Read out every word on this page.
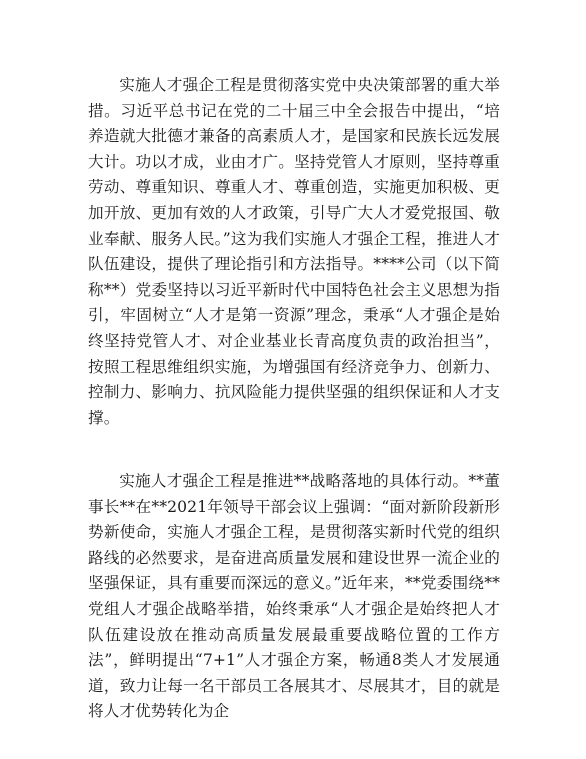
实施人才强企工程是贯彻落实党中央决策部署的重大举措。习近平总书记在党的二十届三中全会报告中提出，“培养造就大批德才兼备的高素质人才，是国家和民族长远发展大计。功以才成，业由才广。坚持党管人才原则，坚持尊重劳动、尊重知识、尊重人才、尊重创造，实施更加积极、更加开放、更加有效的人才政策，引导广大人才爱党报国、敬业奉献、服务人民。”这为我们实施人才强企工程，推进人才队伍建设，提供了理论指引和方法指导。****公司（以下简称**）党委坚持以习近平新时代中国特色社会主义思想为指引，牢固树立“人才是第一资源”理念，秉承“人才强企是始终坚持党管人才、对企业基业长青高度负责的政治担当”，按照工程思维组织实施，为增强国有经济竞争力、创新力、控制力、影响力、抗风险能力提供坚强的组织保证和人才支撑。

实施人才强企工程是推进**战略落地的具体行动。**董事长**在**2021年领导干部会议上强调：“面对新阶段新形势新使命，实施人才强企工程，是贯彻落实新时代党的组织路线的必然要求，是奋进高质量发展和建设世界一流企业的坚强保证，具有重要而深远的意义。”近年来，**党委围绕**党组人才强企战略举措，始终秉承“人才强企是始终把人才队伍建设放在推动高质量发展最重要战略位置的工作方法”，鲜明提出“7+1”人才强企方案，畅通8类人才发展通道，致力让每一名干部员工各展其才、尽展其才，目的就是将人才优势转化为企
